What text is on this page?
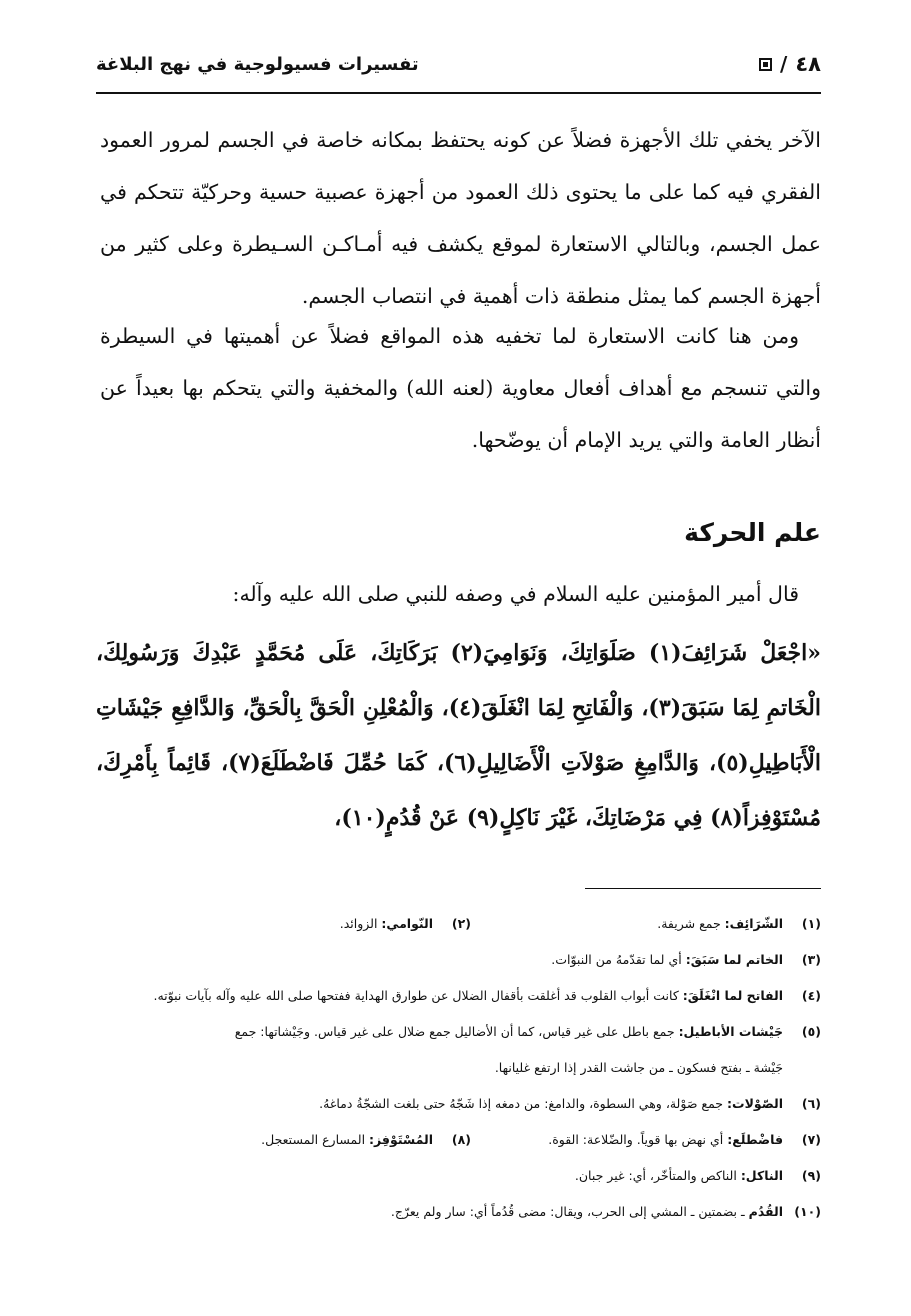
٤٨
/
تفسيرات فسيولوجية في نهج البلاغة

الآخر يخفي تلك الأجهزة فضلاً عن كونه يحتفظ بمكانه خاصة في الجسم لمرور العمود الفقري فيه كما على ما يحتوى ذلك العمود من أجهزة عصبية حسية وحركيّة تتحكم في عمل الجسم، وبالتالي الاستعارة لموقع يكشف فيه أمـاكـن السـيطرة وعلى كثير من أجهزة الجسم كما يمثل منطقة ذات أهمية في انتصاب الجسم.

ومن هنا كانت الاستعارة لما تخفيه هذه المواقع فضلاً عن أهميتها في السيطرة والتي تنسجم مع أهداف أفعال معاوية (لعنه الله) والمخفية والتي يتحكم بها بعيداً عن أنظار العامة والتي يريد الإمام أن يوضّحها.

علم الحركة

قال أمير المؤمنين عليه السلام في وصفه للنبي صلى الله عليه وآله:

«اجْعَلْ شَرَائِفَ(١) صَلَوَاتِكَ، وَنَوَامِيَ(٢) بَرَكَاتِكَ، عَلَى مُحَمَّدٍ عَبْدِكَ وَرَسُولِكَ، الْخَاتمِ لِمَا سَبَقَ(٣)، وَالْفَاتِحِ لِمَا انْغَلَقَ(٤)، وَالْمُعْلِنِ الْحَقَّ بِالْحَقِّ، وَالدَّافِعِ جَيْشَاتِ الْأَبَاطِيلِ(٥)، وَالدَّامِغِ صَوْلاَتِ الْأَضَالِيلِ(٦)، كَمَا حُمِّلَ فَاضْطَلَعَ(٧)، قَائِماً بِأَمْرِكَ، مُسْتَوْفِزاً(٨) فِي مَرْضَاتِكَ، غَيْرَ نَاكِلٍ(٩) عَنْ قُدُمٍ(١٠)،

(١) الشّرَائِف: جمع شريفة.
(٢) النّوامي: الزوائد.
(٣) الخاتم لما سَبَقَ: أي لما تقدّمهُ من النبوّات.
(٤) الفاتح لما انْغَلَقَ: كانت أبواب القلوب قد أغلقت بأقفال الضلال عن طوارق الهداية ففتحها صلى الله عليه وآله بآيات نبوّته.
(٥) جَيْشات الأباطيل: جمع باطل على غير قياس، كما أن الأضاليل جمع ضلال على غير قياس. وجَيْشاتها: جمع
جَيْشة ـ بفتح فسكون ـ من جاشت القدر إذا ارتفع غليانها.
(٦) الصّوْلات: جمع صَوْلة، وهي السطوة، والدامغ: من دمغه إذا شَجّهُ حتى بلغت الشجّةُ دماغهُ.
(٧) فاضْطلَع: أي نهض بها قوياً. والضّلاعة: القوة.
(٨) المُسْتَوْفِز: المسارع المستعجل.
(٩) الناكل: الناكص والمتأخّر، أي: غير جبان.
(١٠) القُدُم ـ بضمتين ـ المشي إلى الحرب، ويقال: مضى قُدُماً أي: سار ولم يعرّج.
